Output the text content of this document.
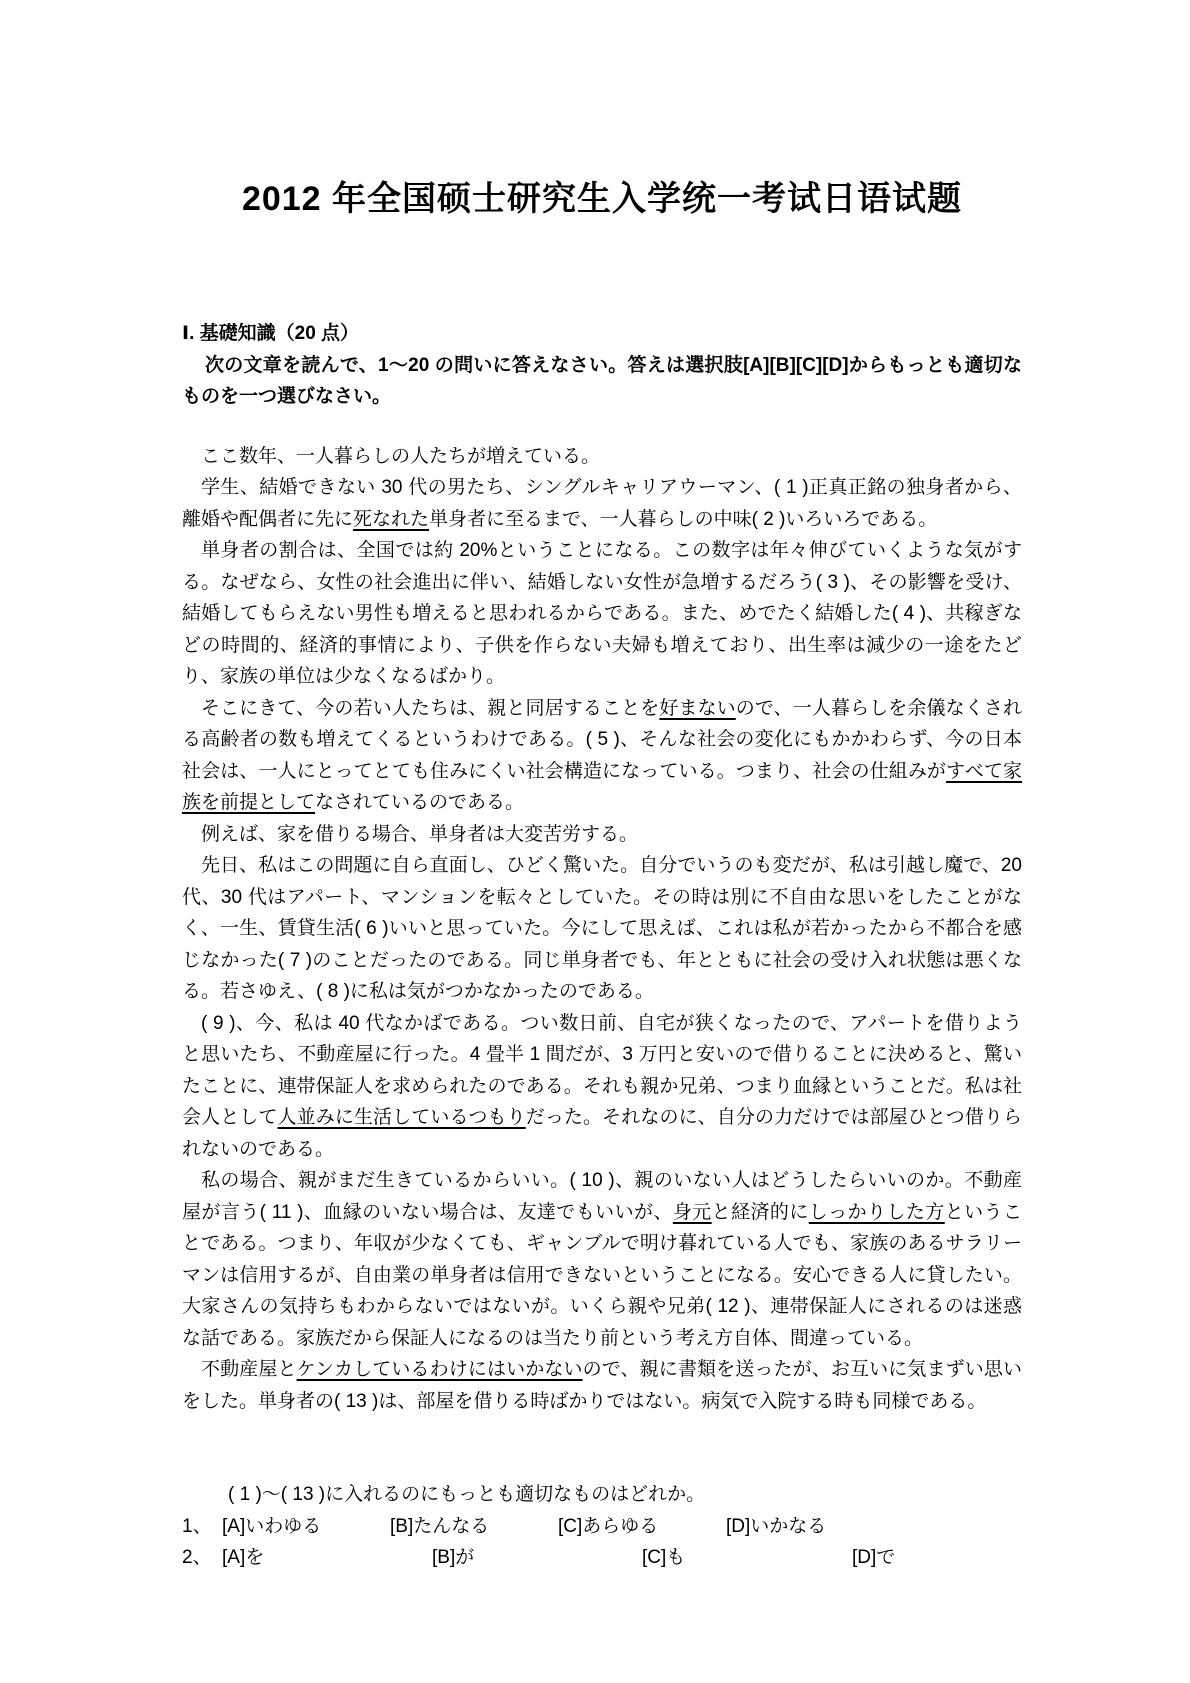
2012 年全国硕士研究生入学统一考试日语试题
Ⅰ. 基礎知識（20 点）

次の文章を読んで、1～20 の問いに答えなさい。答えは選択肢[A][B][C][D]からもっとも適切なものを一つ選びなさい。

ここ数年、一人暮らしの人たちが増えている。

学生、結婚できない 30 代の男たち、シングルキャリアウーマン、( 1 )正真正銘の独身者から、離婚や配偶者に先に死なれた単身者に至るまで、一人暮らしの中味( 2 )いろいろである。

単身者の割合は、全国では約 20%ということになる。この数字は年々伸びていくような気がする。なぜなら、女性の社会進出に伴い、結婚しない女性が急増するだろう( 3 )、その影響を受け、結婚してもらえない男性も増えると思われるからである。また、めでたく結婚した( 4 )、共稼ぎなどの時間的、経済的事情により、子供を作らない夫婦も増えており、出生率は減少の一途をたどり、家族の単位は少なくなるばかり。

そこにきて、今の若い人たちは、親と同居することを好まないので、一人暮らしを余儀なくされる高齢者の数も増えてくるというわけである。( 5 )、そんな社会の変化にもかかわらず、今の日本社会は、一人にとってとても住みにくい社会構造になっている。つまり、社会の仕組みがすべて家族を前提としてなされているのである。

例えば、家を借りる場合、単身者は大変苦労する。

先日、私はこの問題に自ら直面し、ひどく驚いた。自分でいうのも変だが、私は引越し魔で、20 代、30 代はアパート、マンションを転々としていた。その時は別に不自由な思いをしたことがなく、一生、賃貸生活( 6 )いいと思っていた。今にして思えば、これは私が若かったから不都合を感じなかった( 7 )のことだったのである。同じ単身者でも、年とともに社会の受け入れ状態は悪くなる。若さゆえ、( 8 )に私は気がつかなかったのである。

( 9 )、今、私は 40 代なかばである。つい数日前、自宅が狭くなったので、アパートを借りようと思いたち、不動産屋に行った。4 畳半 1 間だが、3 万円と安いので借りることに決めると、驚いたことに、連帯保証人を求められたのである。それも親か兄弟、つまり血縁ということだ。私は社会人として人並みに生活しているつもりだった。それなのに、自分の力だけでは部屋ひとつ借りられないのである。

私の場合、親がまだ生きているからいい。( 10 )、親のいない人はどうしたらいいのか。不動産屋が言う( 11 )、血縁のいない場合は、友達でもいいが、身元と経済的にしっかりした方ということである。つまり、年収が少なくても、ギャンブルで明け暮れている人でも、家族のあるサラリーマンは信用するが、自由業の単身者は信用できないということになる。安心できる人に貸したい。大家さんの気持ちもわからないではないが。いくら親や兄弟( 12 )、連帯保証人にされるのは迷惑な話である。家族だから保証人になるのは当たり前という考え方自体、間違っている。

不動産屋とケンカしているわけにはいかないので、親に書類を送ったが、お互いに気まずい思いをした。単身者の( 13 )は、部屋を借りる時ばかりではない。病気で入院する時も同様である。

( 1 )～( 13 )に入れるのにもっとも適切なものはどれか。

1、 [A]いわゆる	[B]たんなる	[C]あらゆる	[D]いかなる
2、 [A]を	[B]が	[C]も	[D]で
